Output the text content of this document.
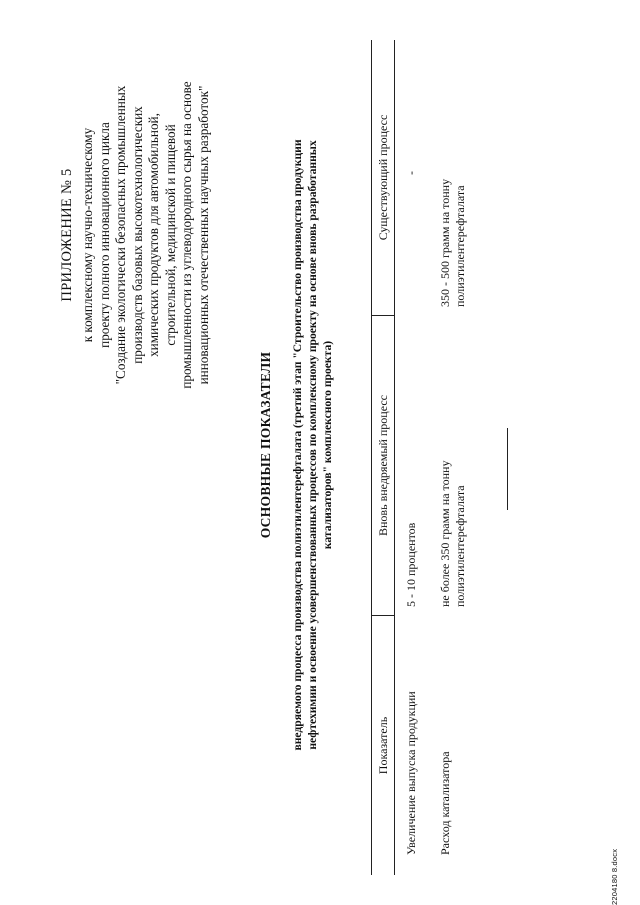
ПРИЛОЖЕНИЕ № 5 к комплексному научно-техническому проекту полного инновационного цикла "Создание экологически безопасных промышленных производств базовых высокотехнологических химических продуктов для автомобильной, строительной, медицинской и пищевой промышленности из углеводородного сырья на основе инновационных отечественных научных разработок"
ОСНОВНЫЕ ПОКАЗАТЕЛИ внедряемого процесса производства полиэтилентерефталата (третий этап "Строительство производства продукции нефтехимии и освоение усовершенствованных процессов по комплексному проекту на основе вновь разработанных катализаторов" комплексного проекта)
Показатель
Вновь внедряемый процесс
Существующий процесс
Увеличение выпуска продукции
5 - 10 процентов
-
Расход катализатора
не более 350 грамм на тонну полиэтилентерефталата
350 - 500 грамм на тонну полиэтилентерефталата
2204180 8.docx
